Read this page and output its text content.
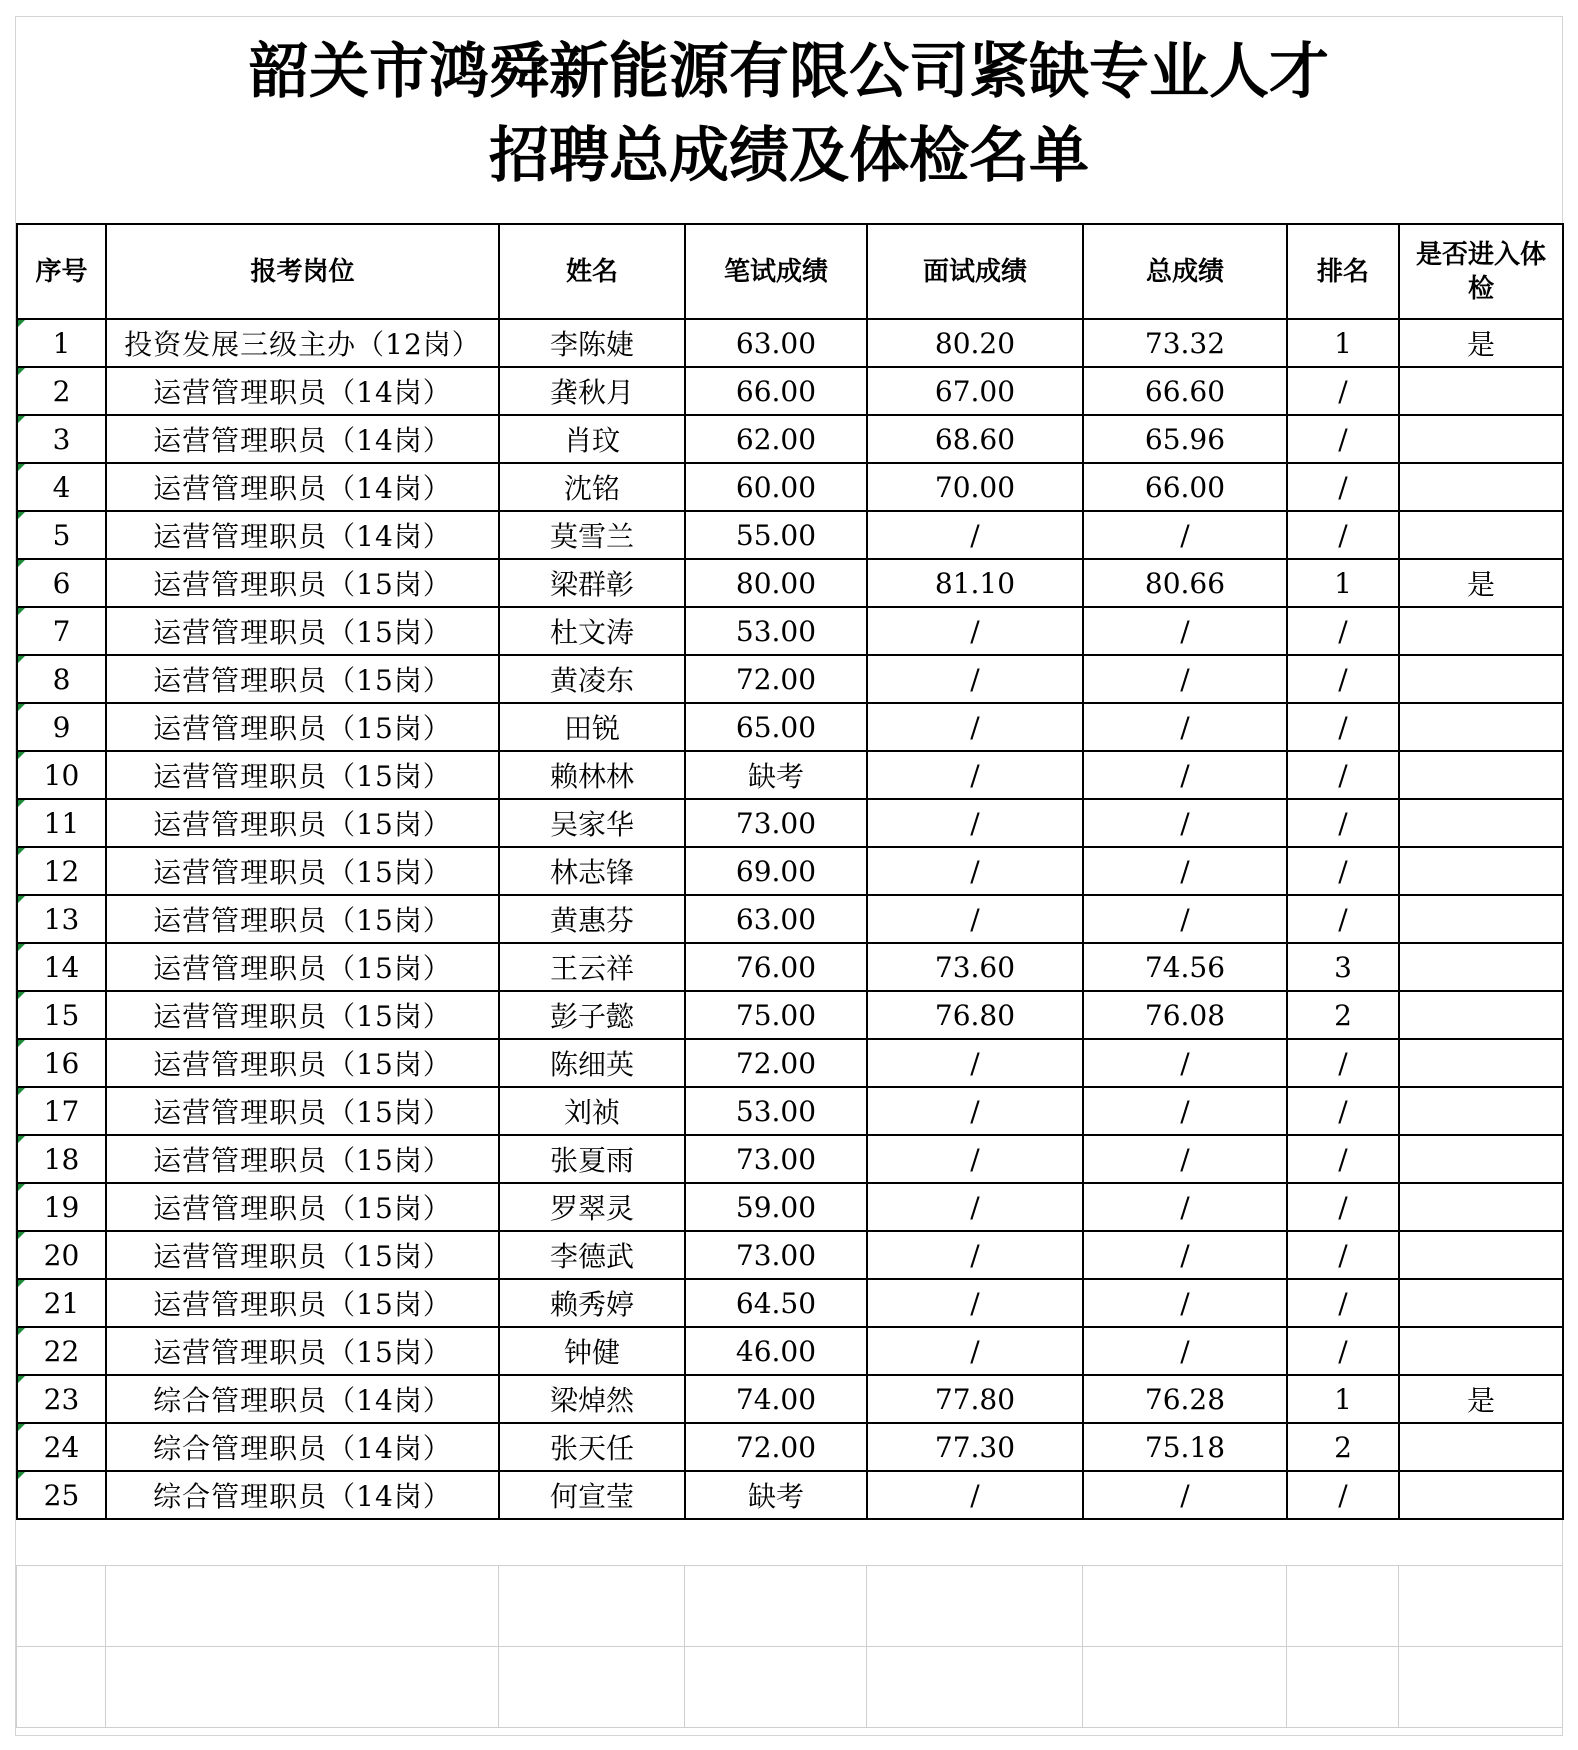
韶关市鸿舜新能源有限公司紧缺专业人才
招聘总成绩及体检名单
序号	报考岗位	姓名	笔试成绩	面试成绩	总成绩	排名	是否进入体检
1	投资发展三级主办（12岗）	李陈婕	63.00	80.20	73.32	1	是
2	运营管理职员（14岗）	龚秋月	66.00	67.00	66.60	/	
3	运营管理职员（14岗）	肖玟	62.00	68.60	65.96	/	
4	运营管理职员（14岗）	沈铭	60.00	70.00	66.00	/	
5	运营管理职员（14岗）	莫雪兰	55.00	/	/	/	
6	运营管理职员（15岗）	梁群彰	80.00	81.10	80.66	1	是
7	运营管理职员（15岗）	杜文涛	53.00	/	/	/	
8	运营管理职员（15岗）	黄凌东	72.00	/	/	/	
9	运营管理职员（15岗）	田锐	65.00	/	/	/	
10	运营管理职员（15岗）	赖林林	缺考	/	/	/	
11	运营管理职员（15岗）	吴家华	73.00	/	/	/	
12	运营管理职员（15岗）	林志锋	69.00	/	/	/	
13	运营管理职员（15岗）	黄惠芬	63.00	/	/	/	
14	运营管理职员（15岗）	王云祥	76.00	73.60	74.56	3	
15	运营管理职员（15岗）	彭子懿	75.00	76.80	76.08	2	
16	运营管理职员（15岗）	陈细英	72.00	/	/	/	
17	运营管理职员（15岗）	刘祯	53.00	/	/	/	
18	运营管理职员（15岗）	张夏雨	73.00	/	/	/	
19	运营管理职员（15岗）	罗翠灵	59.00	/	/	/	
20	运营管理职员（15岗）	李德武	73.00	/	/	/	
21	运营管理职员（15岗）	赖秀婷	64.50	/	/	/	
22	运营管理职员（15岗）	钟健	46.00	/	/	/	
23	综合管理职员（14岗）	梁焯然	74.00	77.80	76.28	1	是
24	综合管理职员（14岗）	张天任	72.00	77.30	75.18	2	
25	综合管理职员（14岗）	何宣莹	缺考	/	/	/	
